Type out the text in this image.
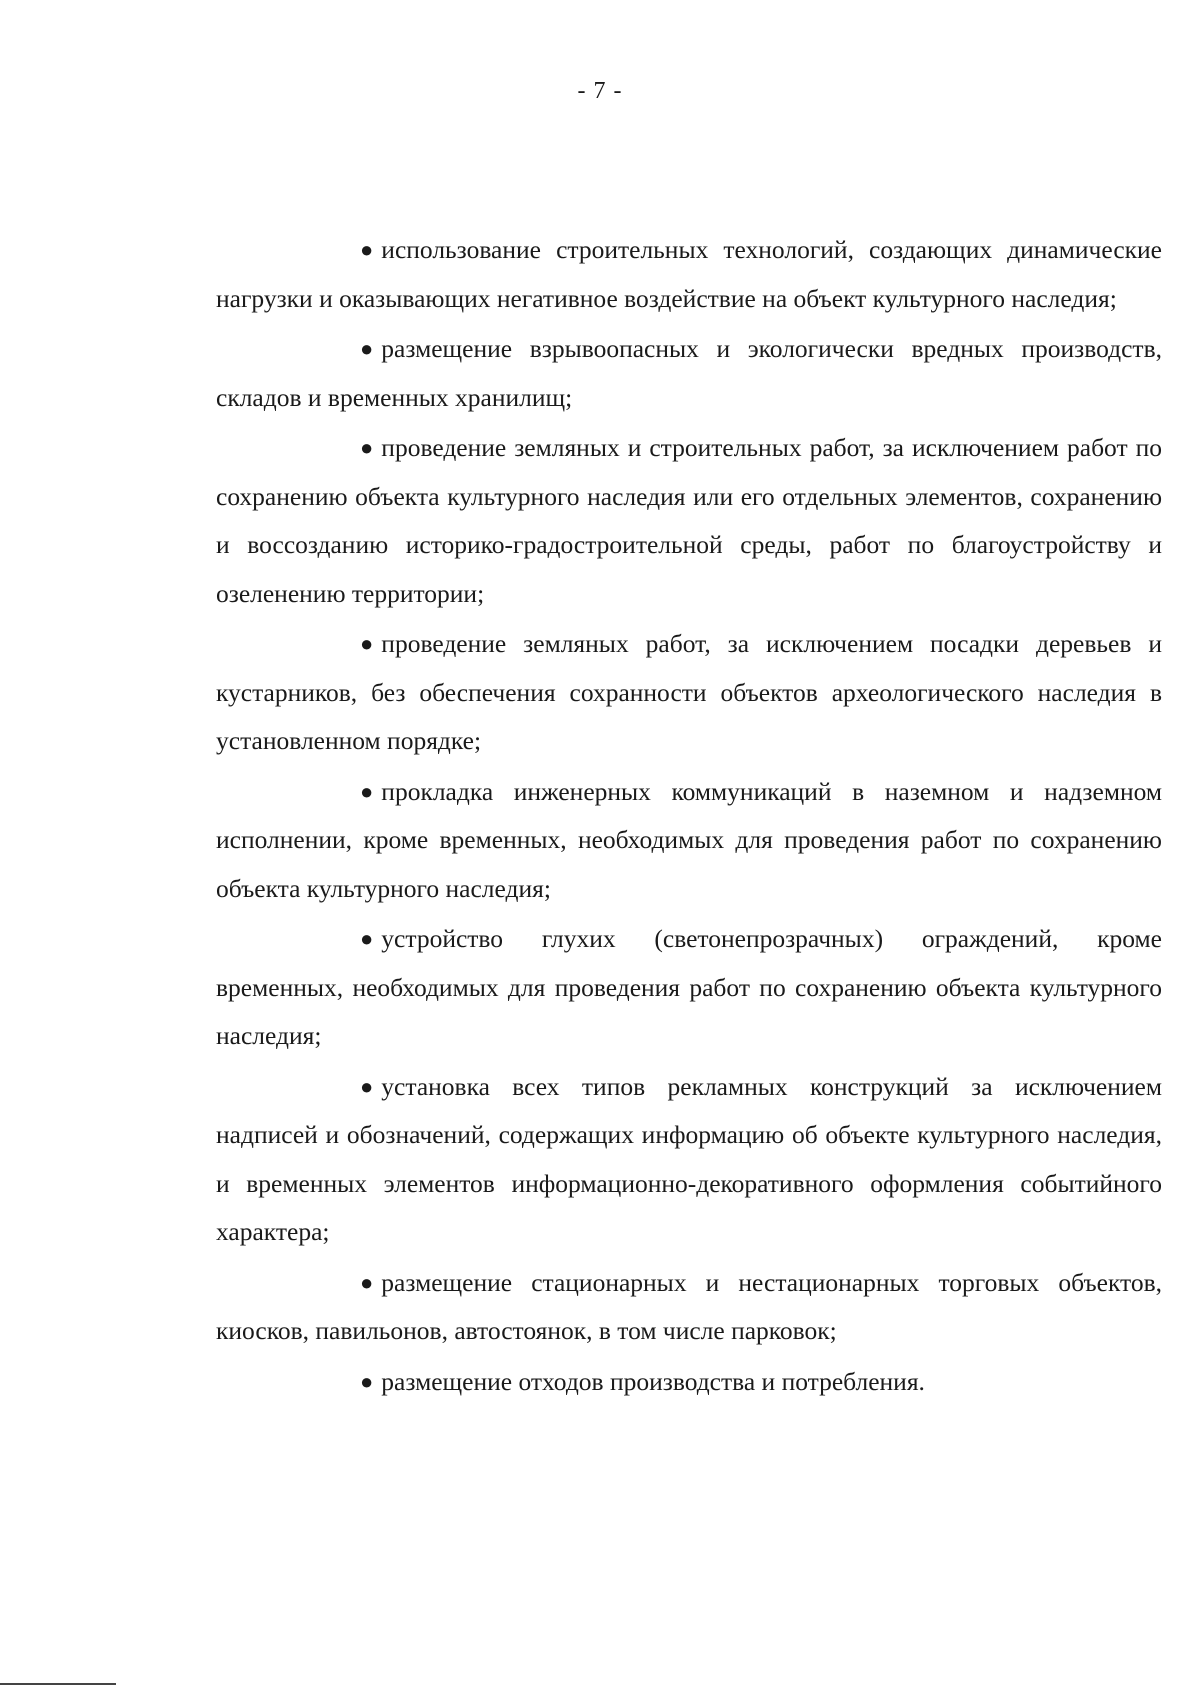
- 7 -

● использование строительных технологий, создающих динамические нагрузки и оказывающих негативное воздействие на объект культурного наследия;

● размещение взрывоопасных и экологически вредных производств, складов и временных хранилищ;

● проведение земляных и строительных работ, за исключением работ по сохранению объекта культурного наследия или его отдельных элементов, сохранению и воссозданию историко-градостроительной среды, работ по благоустройству и озеленению территории;

● проведение земляных работ, за исключением посадки деревьев и кустарников, без обеспечения сохранности объектов археологического наследия в установленном порядке;

● прокладка инженерных коммуникаций в наземном и надземном исполнении, кроме временных, необходимых для проведения работ по сохранению объекта культурного наследия;

● устройство глухих (светонепрозрачных) ограждений, кроме временных, необходимых для проведения работ по сохранению объекта культурного наследия;

● установка всех типов рекламных конструкций за исключением надписей и обозначений, содержащих информацию об объекте культурного наследия, и временных элементов информационно-декоративного оформления событийного характера;

● размещение стационарных и нестационарных торговых объектов, киосков, павильонов, автостоянок, в том числе парковок;

● размещение отходов производства и потребления.
